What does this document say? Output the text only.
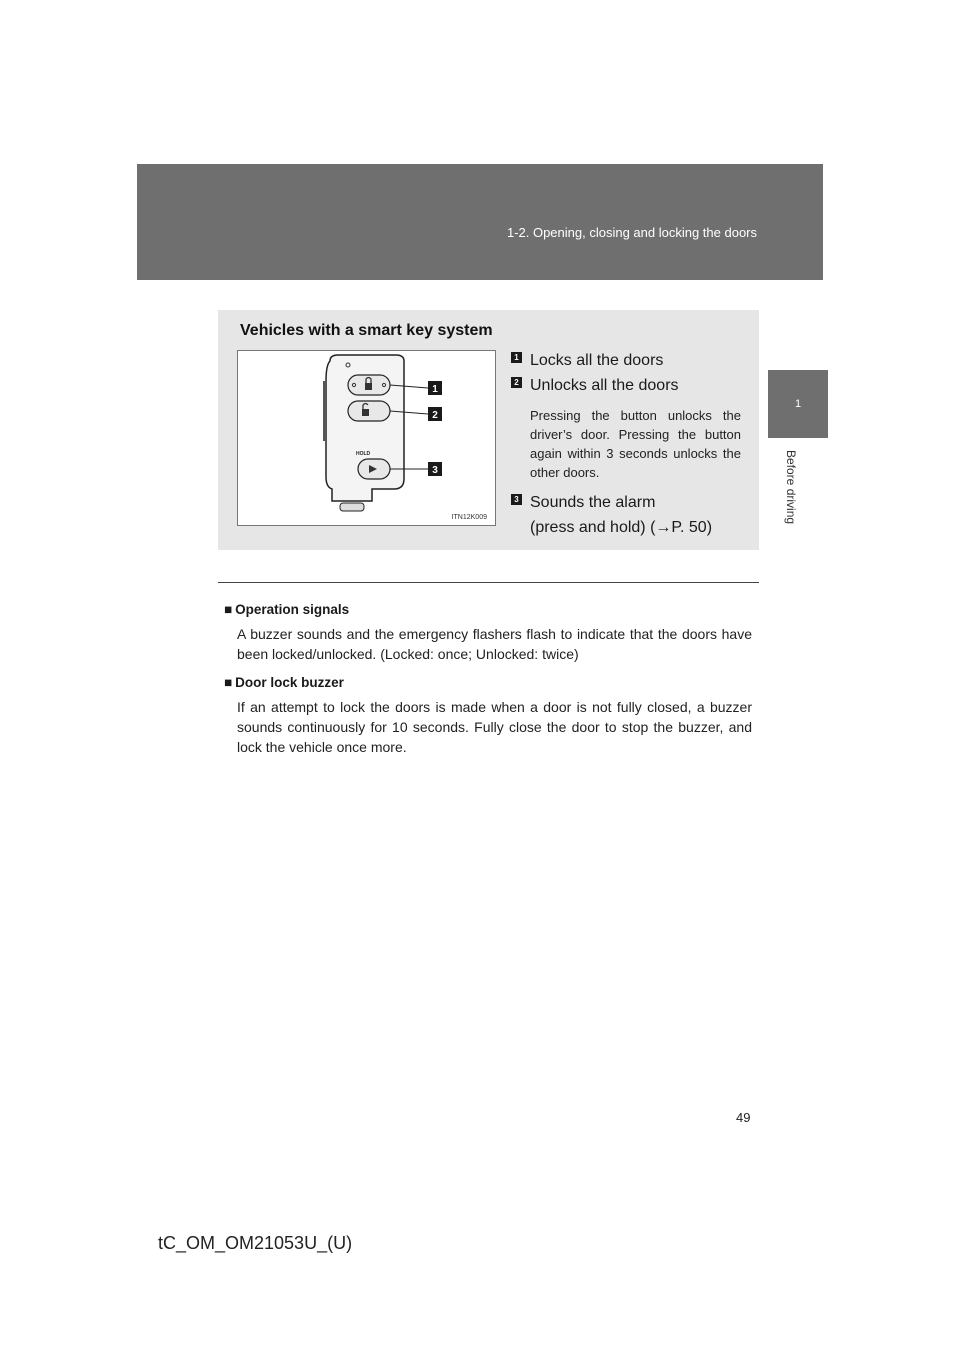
1-2. Opening, closing and locking the doors
1
Before driving
Vehicles with a smart key system
HOLD
1
2
3
ITN12K009
1 Locks all the doors
2 Unlocks all the doors
Pressing the button unlocks the driver’s door. Pressing the button again within 3 seconds unlocks the other doors.
3 Sounds the alarm
(press and hold) (→P. 50)

■ Operation signals

A buzzer sounds and the emergency flashers flash to indicate that the doors have been locked/unlocked. (Locked: once; Unlocked: twice)

■ Door lock buzzer

If an attempt to lock the doors is made when a door is not fully closed, a buzzer sounds continuously for 10 seconds. Fully close the door to stop the buzzer, and lock the vehicle once more.
49
tC_OM_OM21053U_(U)
